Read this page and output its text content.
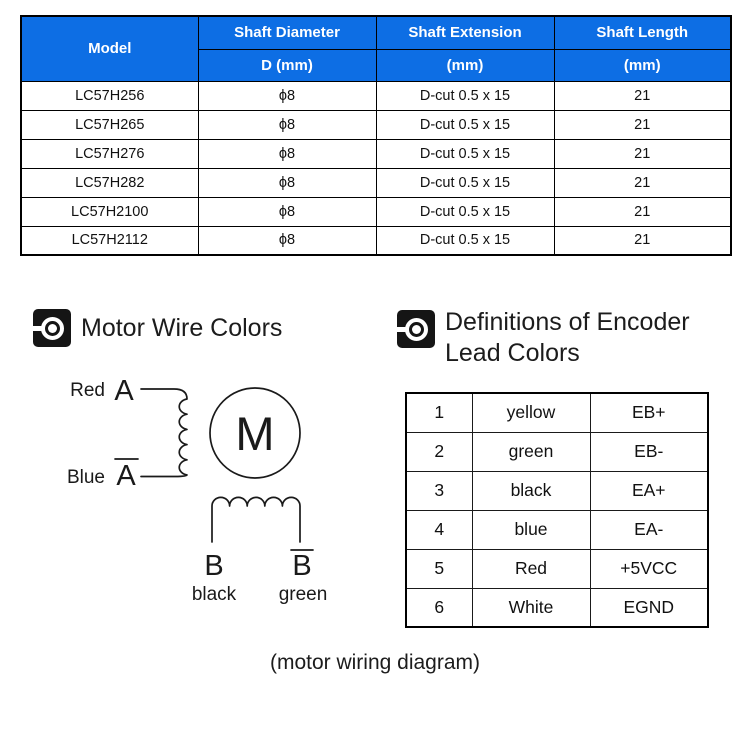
Model	Shaft Diameter	Shaft Extension	Shaft Length
	D (mm)	(mm)	(mm)
LC57H256	ϕ8	D-cut 0.5 x 15	21
LC57H265	ϕ8	D-cut 0.5 x 15	21
LC57H276	ϕ8	D-cut 0.5 x 15	21
LC57H282	ϕ8	D-cut 0.5 x 15	21
LC57H2100	ϕ8	D-cut 0.5 x 15	21
LC57H2112	ϕ8	D-cut 0.5 x 15	21
Motor Wire Colors	Definitions of Encoder
Lead Colors
Red A
Blue A
M
B B
black green
1	yellow	EB+
2	green	EB-
3	black	EA+
4	blue	EA-
5	Red	+5VCC
6	White	EGND
(motor wiring diagram)
